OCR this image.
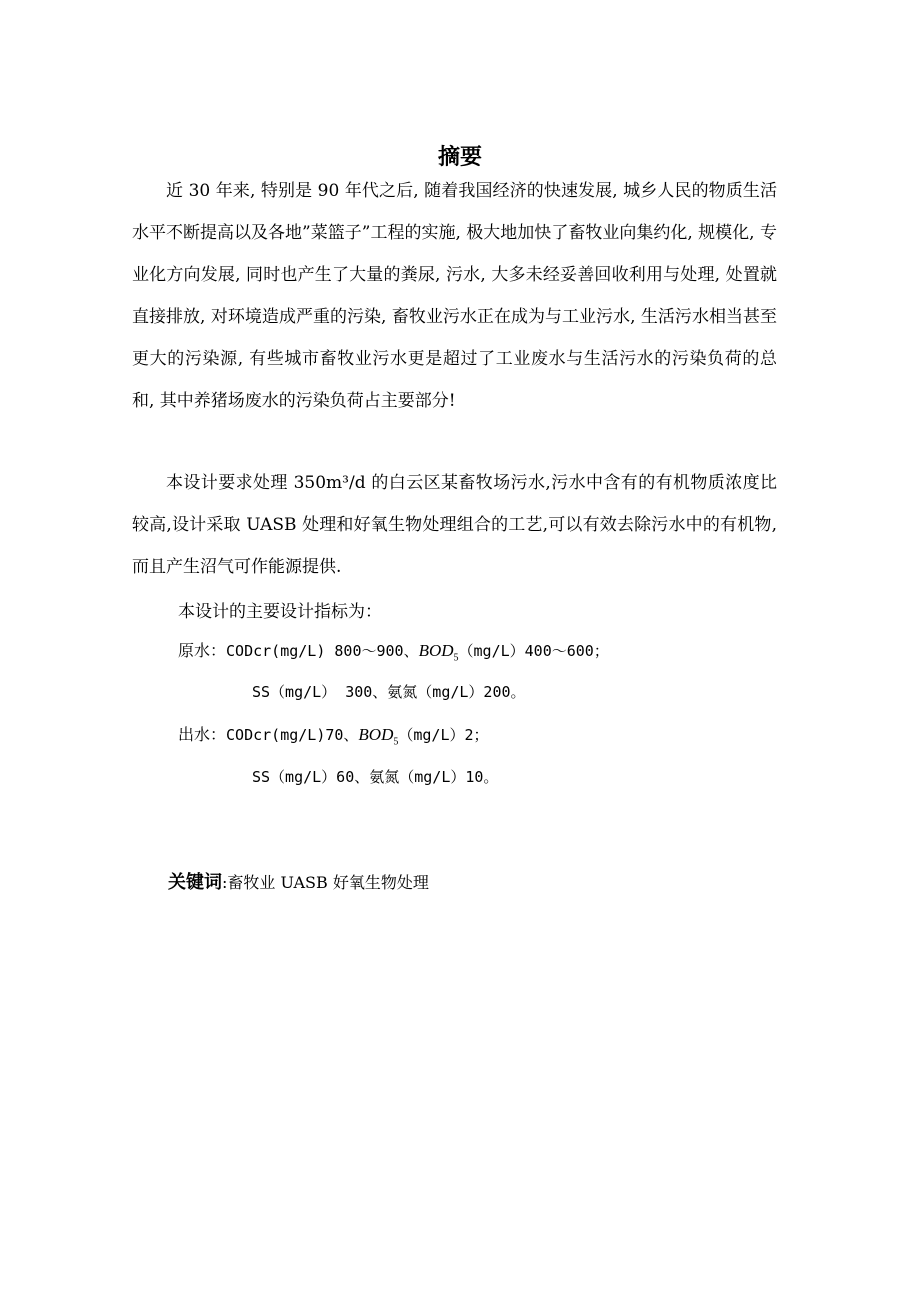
摘要

近 30 年来, 特别是 90 年代之后, 随着我国经济的快速发展, 城乡人民的物质生活水平不断提高以及各地”菜篮子”工程的实施, 极大地加快了畜牧业向集约化, 规模化, 专业化方向发展, 同时也产生了大量的粪尿, 污水, 大多未经妥善回收利用与处理, 处置就直接排放, 对环境造成严重的污染, 畜牧业污水正在成为与工业污水, 生活污水相当甚至更大的污染源, 有些城市畜牧业污水更是超过了工业废水与生活污水的污染负荷的总和, 其中养猪场废水的污染负荷占主要部分!

本设计要求处理 350m³/d 的白云区某畜牧场污水,污水中含有的有机物质浓度比较高,设计采取 UASB 处理和好氧生物处理组合的工艺,可以有效去除污水中的有机物,而且产生沼气可作能源提供.

本设计的主要设计指标为：

原水：CODcr(mg/L) 800～900、$BOD_5(mg/L)400\sim 600$；

SS（mg/L） 300、氨氮（mg/L）200。

出水：CODcr(mg/L)70、$BOD_5(mg/L)2$；

SS（mg/L）60、氨氮（mg/L）10。

关键词:畜牧业 UASB 好氧生物处理
